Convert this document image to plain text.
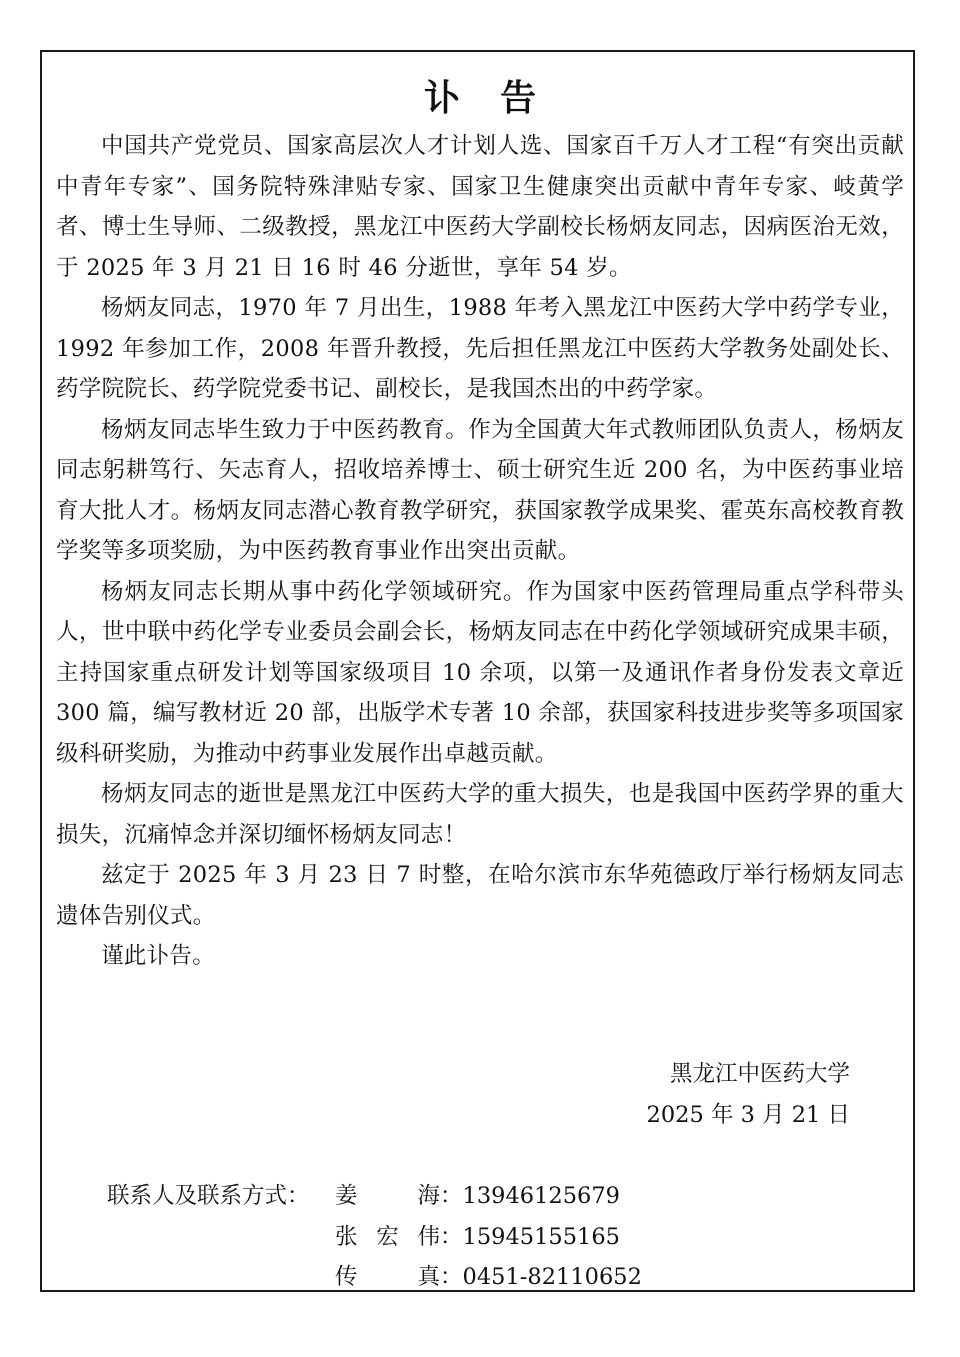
讣告

中国共产党党员、国家高层次人才计划人选、国家百千万人才工程“有突出贡献中青年专家”、国务院特殊津贴专家、国家卫生健康突出贡献中青年专家、岐黄学者、博士生导师、二级教授，黑龙江中医药大学副校长杨炳友同志，因病医治无效，于 2025 年 3 月 21 日 16 时 46 分逝世，享年 54 岁。

杨炳友同志，1970 年 7 月出生，1988 年考入黑龙江中医药大学中药学专业，1992 年参加工作，2008 年晋升教授，先后担任黑龙江中医药大学教务处副处长、药学院院长、药学院党委书记、副校长，是我国杰出的中药学家。

杨炳友同志毕生致力于中医药教育。作为全国黄大年式教师团队负责人，杨炳友同志躬耕笃行、矢志育人，招收培养博士、硕士研究生近 200 名，为中医药事业培育大批人才。杨炳友同志潜心教育教学研究，获国家教学成果奖、霍英东高校教育教学奖等多项奖励，为中医药教育事业作出突出贡献。

杨炳友同志长期从事中药化学领域研究。作为国家中医药管理局重点学科带头人，世中联中药化学专业委员会副会长，杨炳友同志在中药化学领域研究成果丰硕，主持国家重点研发计划等国家级项目 10 余项，以第一及通讯作者身份发表文章近 300 篇，编写教材近 20 部，出版学术专著 10 余部，获国家科技进步奖等多项国家级科研奖励，为推动中药事业发展作出卓越贡献。

杨炳友同志的逝世是黑龙江中医药大学的重大损失，也是我国中医药学界的重大损失，沉痛悼念并深切缅怀杨炳友同志！

兹定于 2025 年 3 月 23 日 7 时整，在哈尔滨市东华苑德政厅举行杨炳友同志遗体告别仪式。

谨此讣告。

黑龙江中医药大学
2025 年 3 月 21 日
联系人及联系方式：	姜海 ： 13946125679
张宏伟 ： 15945155165
传真 ： 0451-82110652
